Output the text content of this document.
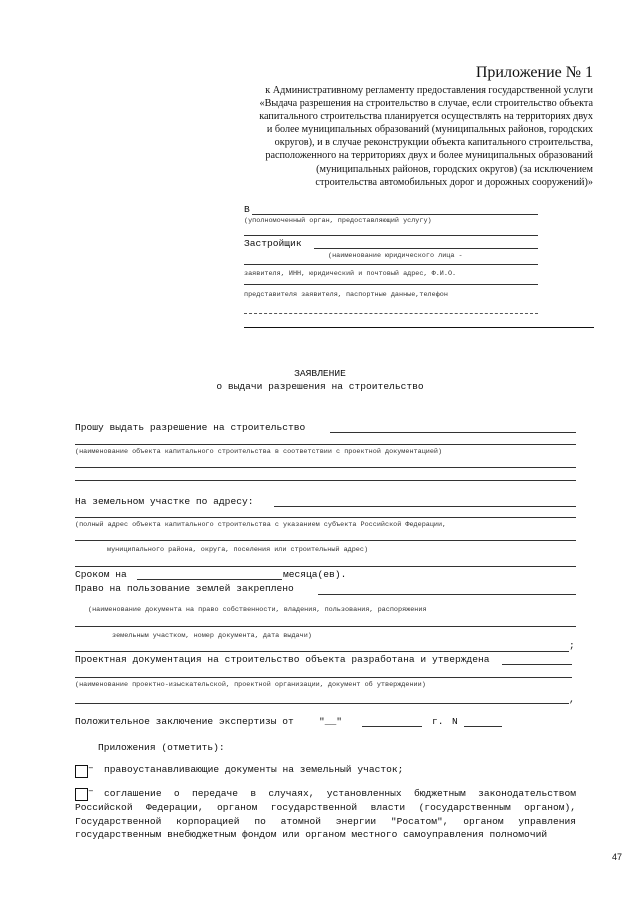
Приложение № 1
к Административному регламенту предоставления государственной услуги
«Выдача разрешения на строительство в случае, если строительство объекта
капитального строительства планируется осуществлять на территориях двух
и более муниципальных образований (муниципальных районов, городских
округов), и в случае реконструкции объекта капитального строительства,
расположенного на территориях двух и более муниципальных образований
(муниципальных районов, городских округов) (за исключением
строительства автомобильных дорог и дорожных сооружений)»
В
(уполномоченный орган, предоставляющий услугу)
Застройщик
(наименование юридического лица -
заявителя, ИНН, юридический и почтовый адрес, Ф.И.О.
представителя заявителя, паспортные данные,телефон
ЗАЯВЛЕНИЕ
о выдачи разрешения на строительство
Прошу выдать разрешение на строительство
(наименование объекта капитального строительства в соответствии с проектной документацией)
На земельном участке по адресу:
(полный адрес объекта капитального строительства с указанием субъекта Российской Федерации,
муниципального района, округа, поселения или строительный адрес)
Сроком на	месяца(ев).
Право на пользование землей закреплено
(наименование документа на право собственности, владения, пользования, распоряжения
земельным участком, номер документа, дата выдачи)
;
Проектная документация на строительство объекта разработана и утверждена
(наименование проектно-изыскательской, проектной организации, документ об утверждении)
,
Положительное заключение экспертизы от	"__"	г. N
Приложения (отметить):
– правоустанавливающие документы на земельный участок;
–	соглашение о передаче в случаях, установленных бюджетным законодательством Российской Федерации, органом государственной власти (государственным органом), Государственной корпорацией по атомной энергии "Росатом", органом управления государственным внебюджетным фондом или органом местного самоуправления полномочий
47
